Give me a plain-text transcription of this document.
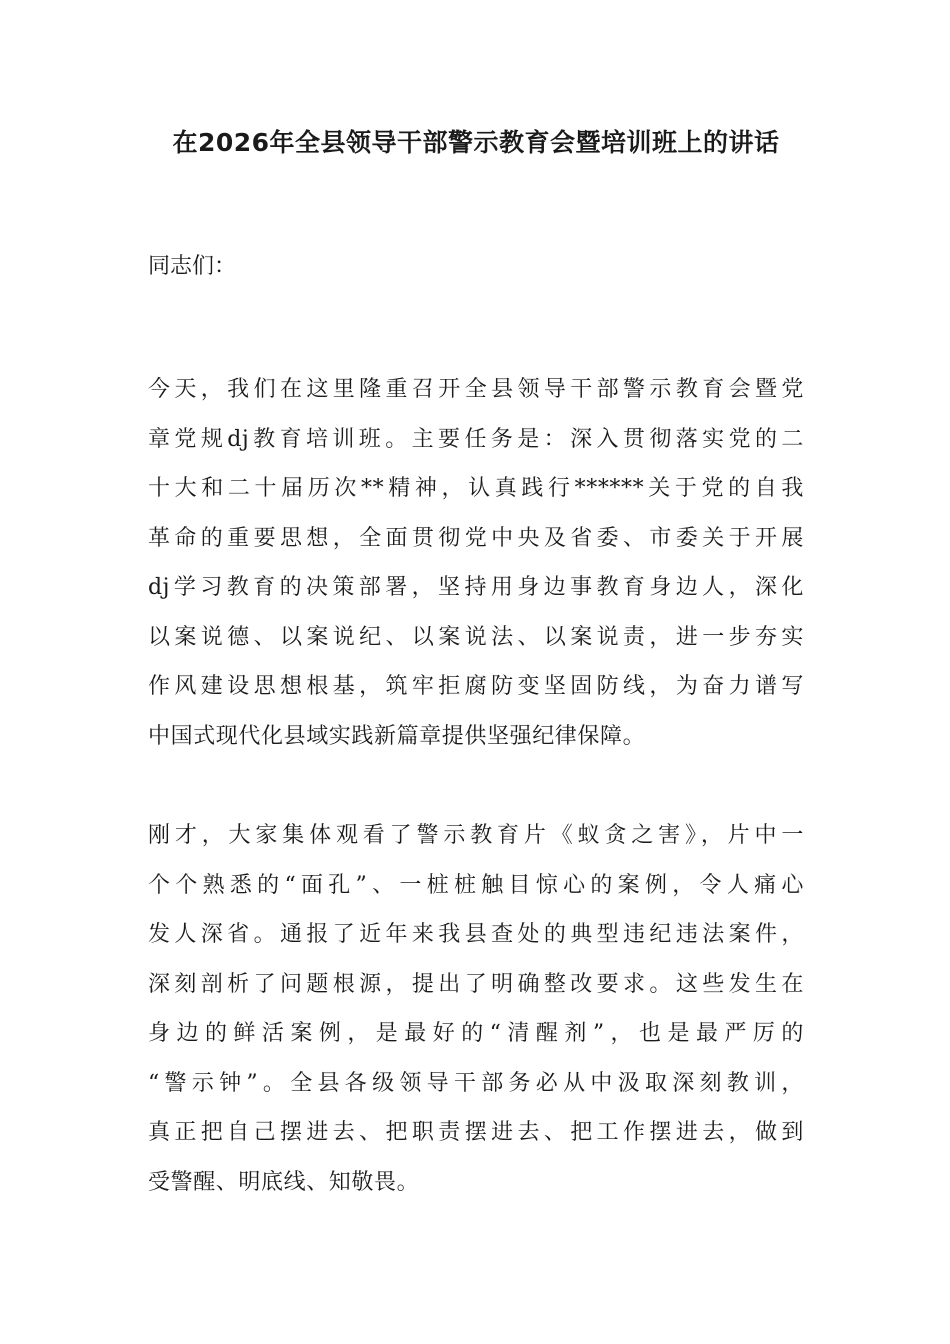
在2026年全县领导干部警示教育会暨培训班上的讲话

同志们：

今天，我们在这里隆重召开全县领导干部警示教育会暨党
章党规dj教育培训班。主要任务是：深入贯彻落实党的二
十大和二十届历次**精神，认真践行******关于党的自我
革命的重要思想，全面贯彻党中央及省委、市委关于开展
dj学习教育的决策部署，坚持用身边事教育身边人，深化
以案说德、以案说纪、以案说法、以案说责，进一步夯实
作风建设思想根基，筑牢拒腐防变坚固防线，为奋力谱写
中国式现代化县域实践新篇章提供坚强纪律保障。

刚才，大家集体观看了警示教育片《蚁贪之害》，片中一
个个熟悉的“面孔”、一桩桩触目惊心的案例，令人痛心
发人深省。通报了近年来我县查处的典型违纪违法案件，
深刻剖析了问题根源，提出了明确整改要求。这些发生在
身边的鲜活案例，是最好的“清醒剂”，也是最严厉的
“警示钟”。全县各级领导干部务必从中汲取深刻教训，
真正把自己摆进去、把职责摆进去、把工作摆进去，做到
受警醒、明底线、知敬畏。
